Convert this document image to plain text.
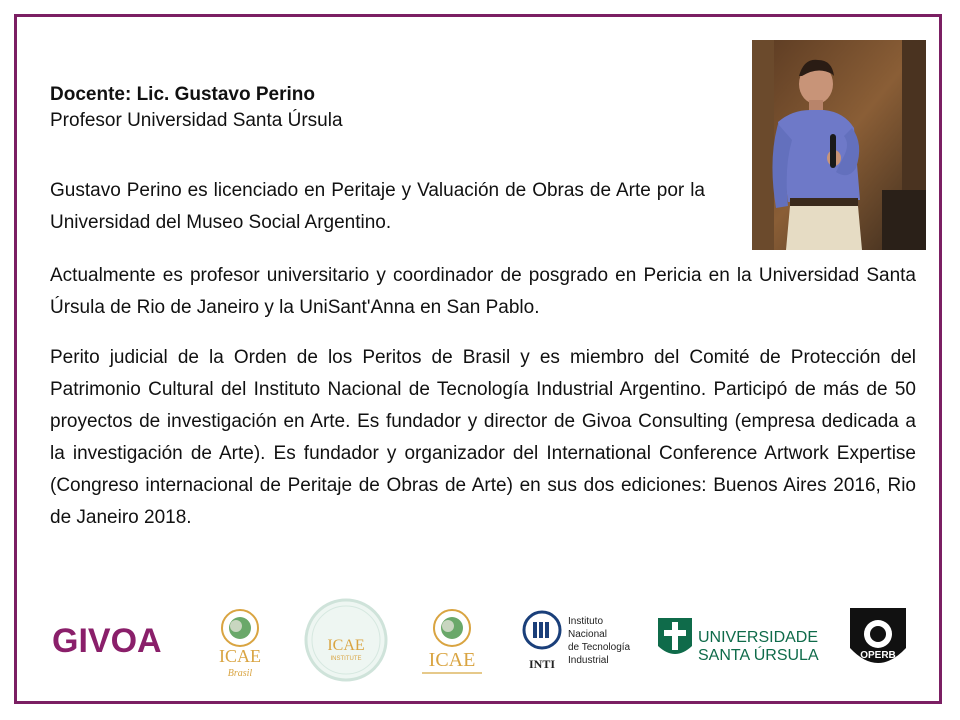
Docente: Lic. Gustavo Perino
Profesor Universidad Santa Úrsula
Gustavo Perino es licenciado en Peritaje y Valuación de Obras de Arte por la Universidad del Museo Social Argentino.
Actualmente es profesor universitario y coordinador de posgrado en Pericia en la Universidad Santa Úrsula de Rio de Janeiro y la UniSant'Anna en San Pablo.
Perito judicial de la Orden de los Peritos de Brasil y es miembro del Comité de Protección del Patrimonio Cultural del Instituto Nacional de Tecnología Industrial Argentino. Participó de más de 50 proyectos de investigación en Arte. Es fundador y director de Givoa Consulting (empresa dedicada a la investigación de Arte). Es fundador y organizador del International Conference Artwork Expertise (Congreso internacional de Peritaje de Obras de Arte) en sus dos ediciones: Buenos Aires 2016, Rio de Janeiro 2018.
GIVOA	ICAE
Brasil
ICAE
INSTITUTE	ICAE	INTI
Instituto
Nacional
de Tecnología
Industrial
UNIVERSIDADE
SANTA ÚRSULA	OPERB
